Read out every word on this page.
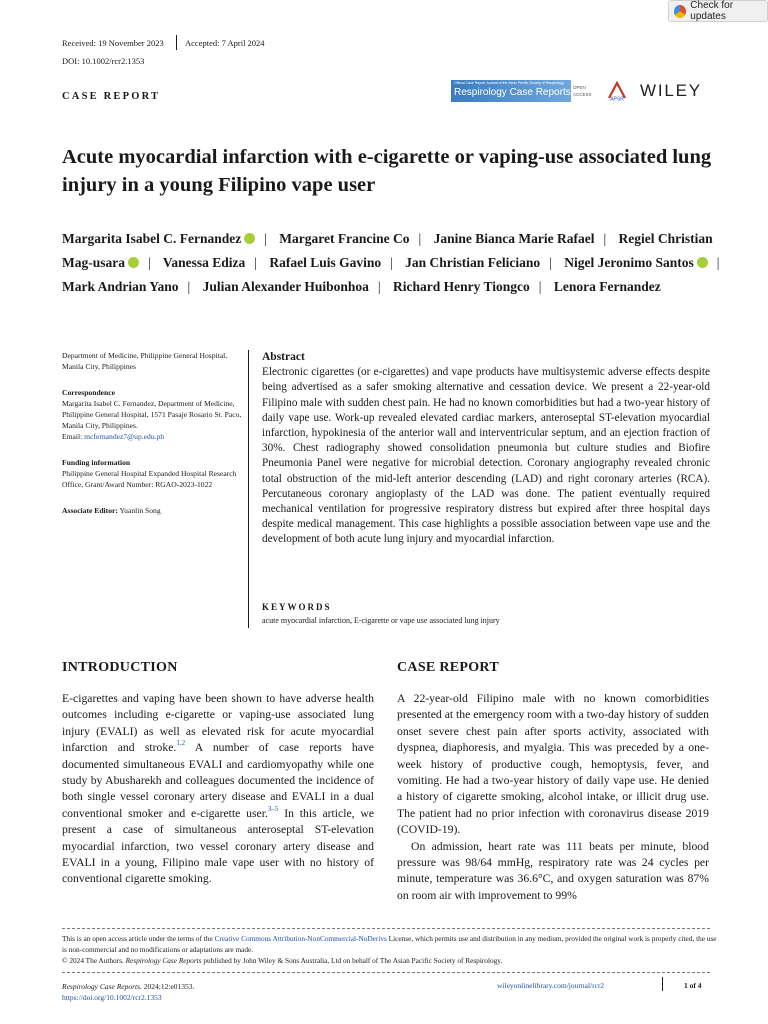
Check for updates
Received: 19 November 2023	Accepted: 7 April 2024
DOI: 10.1002/rcr2.1353
CASE REPORT
Official Case Report Journal of the Asian Pacific Society of Respirology
Respirology Case Reports OPEN ACCESS
APSR WILEY
Acute myocardial infarction with e-cigarette or vaping-use associated lung injury in a young Filipino vape user
Margarita Isabel C. Fernandez | Margaret Francine Co | Janine Bianca Marie Rafael | Regiel Christian Mag-usara | Vanessa Ediza | Rafael Luis Gavino | Jan Christian Feliciano | Nigel Jeronimo Santos | Mark Andrian Yano | Julian Alexander Huibonhoa | Richard Henry Tiongco | Lenora Fernandez
Department of Medicine, Philippine General Hospital, Manila City, Philippines
Correspondence
Margarita Isabel C. Fernandez, Department of Medicine, Philippine General Hospital, 1571 Pasaje Rosario St. Paco, Manila City, Philippines.
Email: mcfernandez7@up.edu.ph
Funding information
Philippine General Hospital Expanded Hospital Research Office, Grant/Award Number: RGAO-2023-1022
Associate Editor: Yuanlin Song
Abstract

Electronic cigarettes (or e-cigarettes) and vape products have multisystemic adverse effects despite being advertised as a safer smoking alternative and cessation device. We present a 22-year-old Filipino male with sudden chest pain. He had no known comorbidities but had a two-year history of daily vape use. Work-up revealed elevated cardiac markers, anteroseptal ST-elevation myocardial infarction, hypokinesia of the anterior wall and interventricular septum, and an ejection fraction of 30%. Chest radiography showed consolidation pneumonia but culture studies and Biofire Pneumonia Panel were negative for microbial detection. Coronary angiography revealed chronic total obstruction of the mid-left anterior descending (LAD) and right coronary arteries (RCA). Percutaneous coronary angioplasty of the LAD was done. The patient eventually required mechanical ventilation for progressive respiratory distress but expired after three hospital days despite medical management. This case highlights a possible association between vape use and the development of both acute lung injury and myocardial infarction.

KEYWORDS
acute myocardial infarction, E-cigarette or vape use associated lung injury
INTRODUCTION

E-cigarettes and vaping have been shown to have adverse health outcomes including e-cigarette or vaping-use associated lung injury (EVALI) as well as elevated risk for acute myocardial infarction and stroke.$^{1,2}$ A number of case reports have documented simultaneous EVALI and cardiomyopathy while one study by Abusharekh and colleagues documented the incidence of both single vessel coronary artery disease and EVALI in a dual conventional smoker and e-cigarette user.$^{3-5}$ In this article, we present a case of simultaneous anteroseptal ST-elevation myocardial infarction, two vessel coronary artery disease and EVALI in a young, Filipino male vape user with no history of conventional cigarette smoking.

CASE REPORT

A 22-year-old Filipino male with no known comorbidities presented at the emergency room with a two-day history of sudden onset severe chest pain after sports activity, associated with dyspnea, diaphoresis, and myalgia. This was preceded by a one-week history of productive cough, hemoptysis, fever, and vomiting. He had a two-year history of daily vape use. He denied a history of cigarette smoking, alcohol intake, or illicit drug use. The patient had no prior infection with coronavirus disease 2019 (COVID-19).

On admission, heart rate was 111 beats per minute, blood pressure was 98/64 mmHg, respiratory rate was 24 cycles per minute, temperature was 36.6°C, and oxygen saturation was 87% on room air with improvement to 99%

This is an open access article under the terms of the Creative Commons Attribution-NonCommercial-NoDerivs License, which permits use and distribution in any medium, provided the original work is properly cited, the use is non-commercial and no modifications or adaptations are made.
© 2024 The Authors. Respirology Case Reports published by John Wiley & Sons Australia, Ltd on behalf of The Asian Pacific Society of Respirology.
Respirology Case Reports. 2024;12:e01353.
https://doi.org/10.1002/rcr2.1353
wileyonlinelibrary.com/journal/rcr2	1 of 4
